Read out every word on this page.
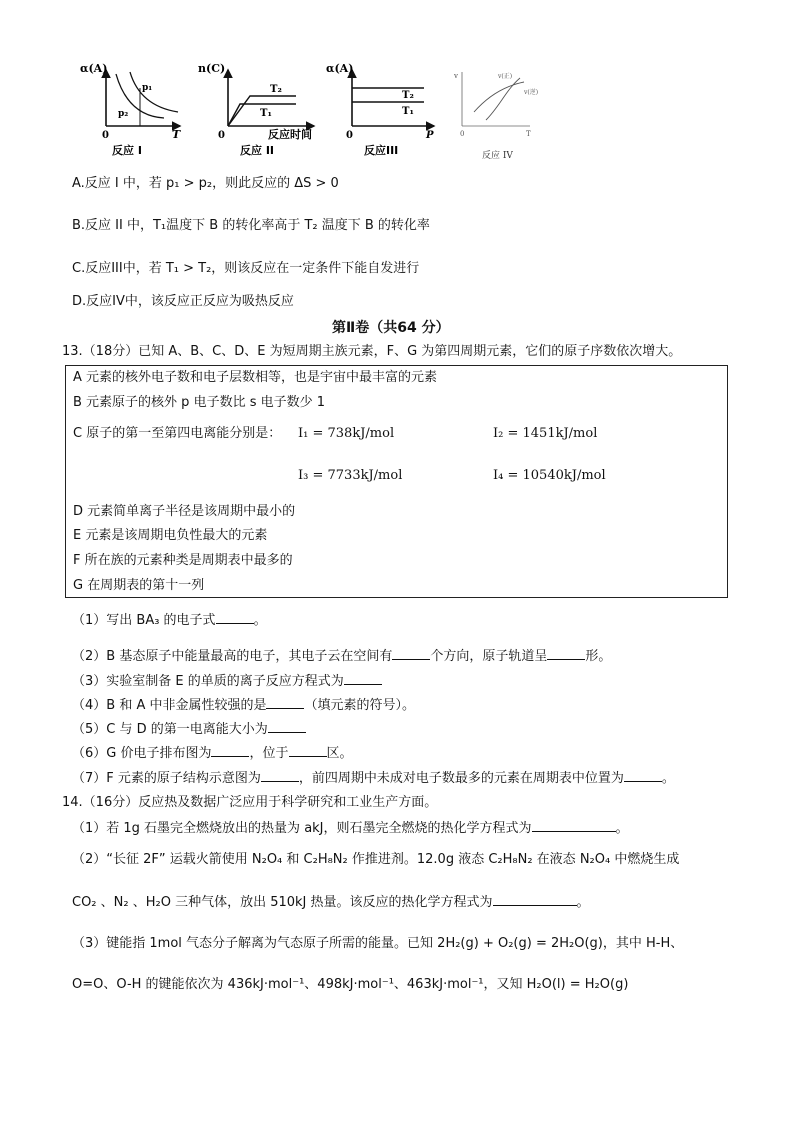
α(A)
T
0
p₁
p₂
反应 I
n(C)
T₂
T₁
0	反应时间
反应 II
α(A)
T₂
T₁
0	P
反应III
v	v(正)
v(逆)
0	T
反应 IV
A.反应 I 中，若 p₁ > p₂，则此反应的 ΔS > 0
B.反应 II 中，T₁温度下 B 的转化率高于 T₂ 温度下 B 的转化率
C.反应III中，若 T₁ > T₂，则该反应在一定条件下能自发进行
D.反应IV中，该反应正反应为吸热反应
第Ⅱ卷（共64 分）
13.（18分）已知 A、B、C、D、E 为短周期主族元素，F、G 为第四周期元素，它们的原子序数依次增大。
A 元素的核外电子数和电子层数相等，也是宇宙中最丰富的元素
B 元素原子的核外 p 电子数比 s 电子数少 1
C 原子的第一至第四电离能分别是： I₁ = 738kJ/mol	I₂ = 1451kJ/mol
I₃ = 7733kJ/mol	I₄ = 10540kJ/mol
D 元素简单离子半径是该周期中最小的
E 元素是该周期电负性最大的元素
F 所在族的元素种类是周期表中最多的
G 在周期表的第十一列
（1）写出 BA₃ 的电子式	。
（2）B 基态原子中能量最高的电子，其电子云在空间有	个方向，原子轨道呈	形。
（3）实验室制备 E 的单质的离子反应方程式为
（4）B 和 A 中非金属性较强的是	（填元素的符号）。
（5）C 与 D 的第一电离能大小为
（6）G 价电子排布图为	，位于	区。
（7）F 元素的原子结构示意图为	，前四周期中未成对电子数最多的元素在周期表中位置为	。
14.（16分）反应热及数据广泛应用于科学研究和工业生产方面。
（1）若 1g 石墨完全燃烧放出的热量为 akJ，则石墨完全燃烧的热化学方程式为	。
（2）“长征 2F” 运载火箭使用 N₂O₄ 和 C₂H₈N₂ 作推进剂。12.0g 液态 C₂H₈N₂ 在液态 N₂O₄ 中燃烧生成
CO₂ 、N₂ 、H₂O 三种气体，放出 510kJ 热量。该反应的热化学方程式为	。
（3）键能指 1mol 气态分子解离为气态原子所需的能量。已知 2H₂(g) + O₂(g) = 2H₂O(g)，其中 H-H、
O=O、O-H 的键能依次为 436kJ·mol⁻¹、498kJ·mol⁻¹、463kJ·mol⁻¹，又知 H₂O(l) = H₂O(g)
